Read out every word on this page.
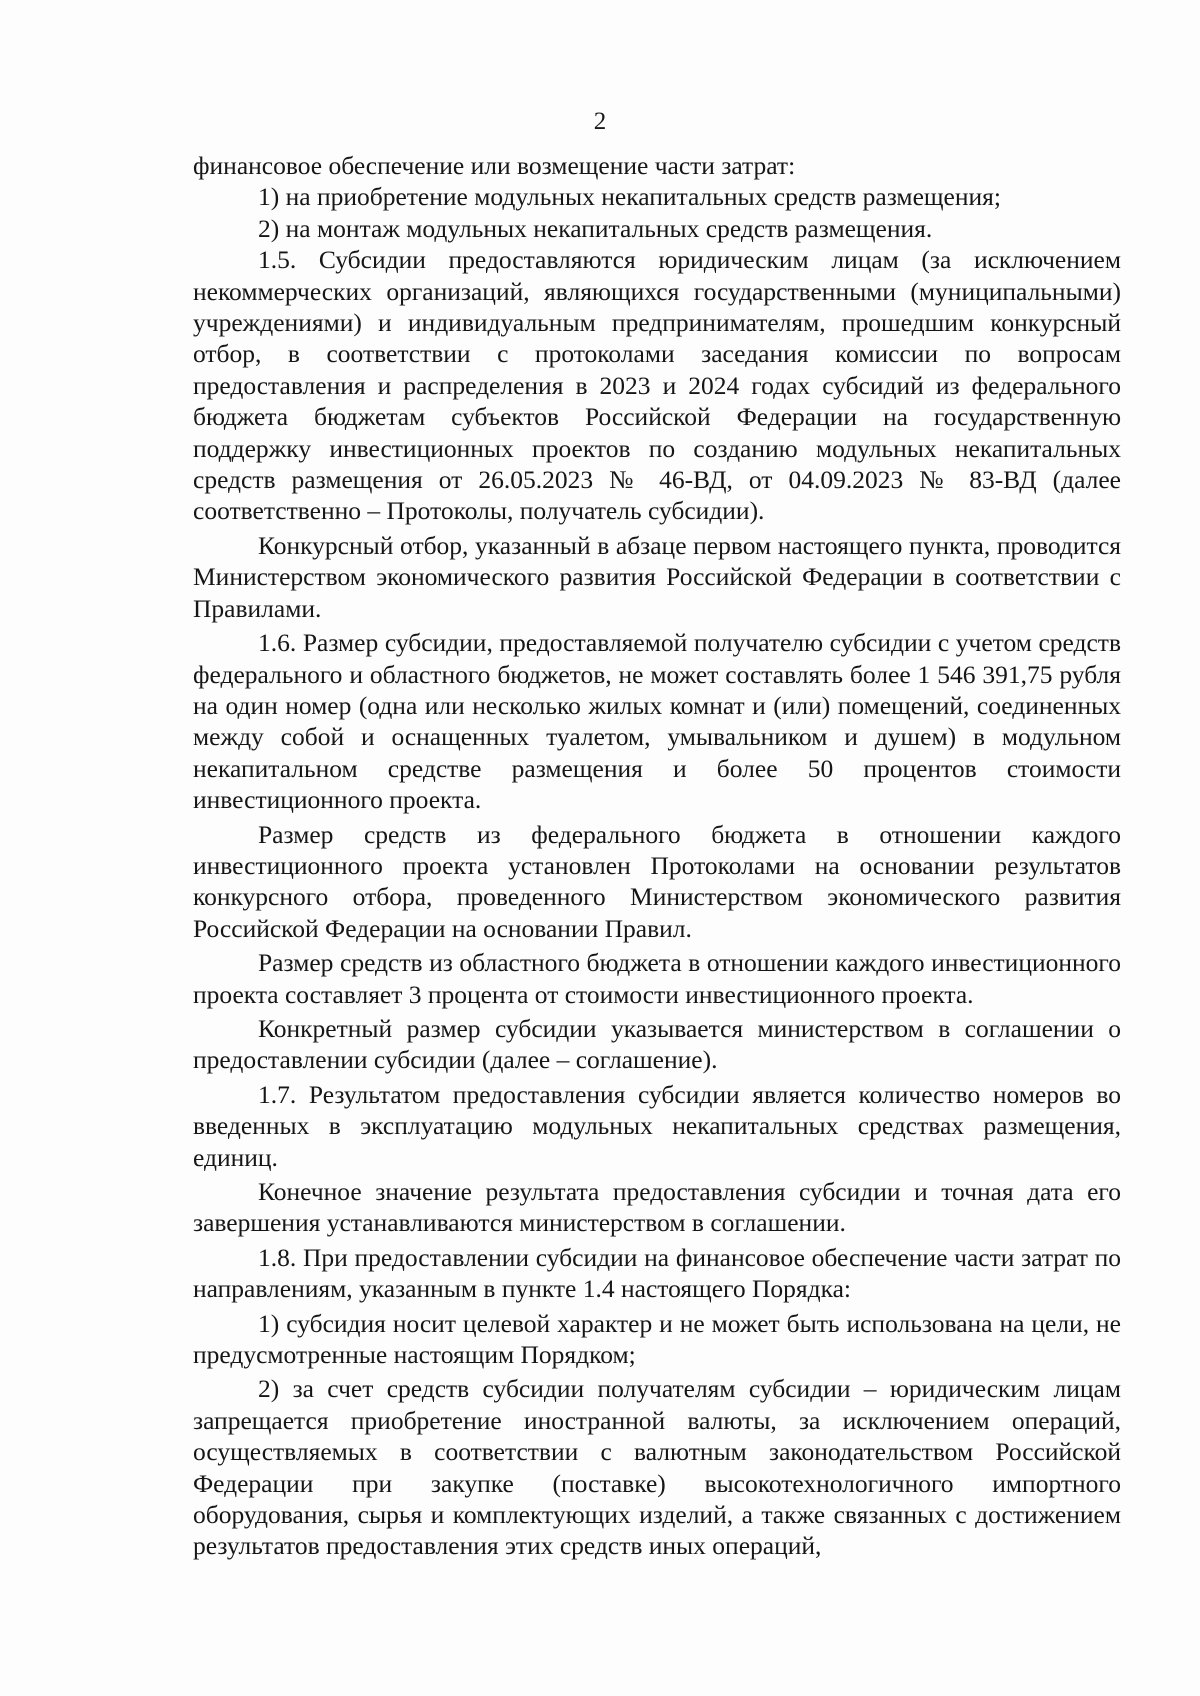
2

финансовое обеспечение или возмещение части затрат:

1) на приобретение модульных некапитальных средств размещения;

2) на монтаж модульных некапитальных средств размещения.

1.5. Субсидии предоставляются юридическим лицам (за исключением некоммерческих организаций, являющихся государственными (муниципальными) учреждениями) и индивидуальным предпринимателям, прошедшим конкурсный отбор, в соответствии с протоколами заседания комиссии по вопросам предоставления и распределения в 2023 и 2024 годах субсидий из федерального бюджета бюджетам субъектов Российской Федерации на государственную поддержку инвестиционных проектов по созданию модульных некапитальных средств размещения от 26.05.2023 № 46-ВД, от 04.09.2023 № 83-ВД (далее соответственно – Протоколы, получатель субсидии).

Конкурсный отбор, указанный в абзаце первом настоящего пункта, проводится Министерством экономического развития Российской Федерации в соответствии с Правилами.

1.6. Размер субсидии, предоставляемой получателю субсидии с учетом средств федерального и областного бюджетов, не может составлять более 1 546 391,75 рубля на один номер (одна или несколько жилых комнат и (или) помещений, соединенных между собой и оснащенных туалетом, умывальником и душем) в модульном некапитальном средстве размещения и более 50 процентов стоимости инвестиционного проекта.

Размер средств из федерального бюджета в отношении каждого инвестиционного проекта установлен Протоколами на основании результатов конкурсного отбора, проведенного Министерством экономического развития Российской Федерации на основании Правил.

Размер средств из областного бюджета в отношении каждого инвестиционного проекта составляет 3 процента от стоимости инвестиционного проекта.

Конкретный размер субсидии указывается министерством в соглашении о предоставлении субсидии (далее – соглашение).

1.7. Результатом предоставления субсидии является количество номеров во введенных в эксплуатацию модульных некапитальных средствах размещения, единиц.

Конечное значение результата предоставления субсидии и точная дата его завершения устанавливаются министерством в соглашении.

1.8. При предоставлении субсидии на финансовое обеспечение части затрат по направлениям, указанным в пункте 1.4 настоящего Порядка:

1) субсидия носит целевой характер и не может быть использована на цели, не предусмотренные настоящим Порядком;

2) за счет средств субсидии получателям субсидии – юридическим лицам запрещается приобретение иностранной валюты, за исключением операций, осуществляемых в соответствии с валютным законодательством Российской Федерации при закупке (поставке) высокотехнологичного импортного оборудования, сырья и комплектующих изделий, а также связанных с достижением результатов предоставления этих средств иных операций,
